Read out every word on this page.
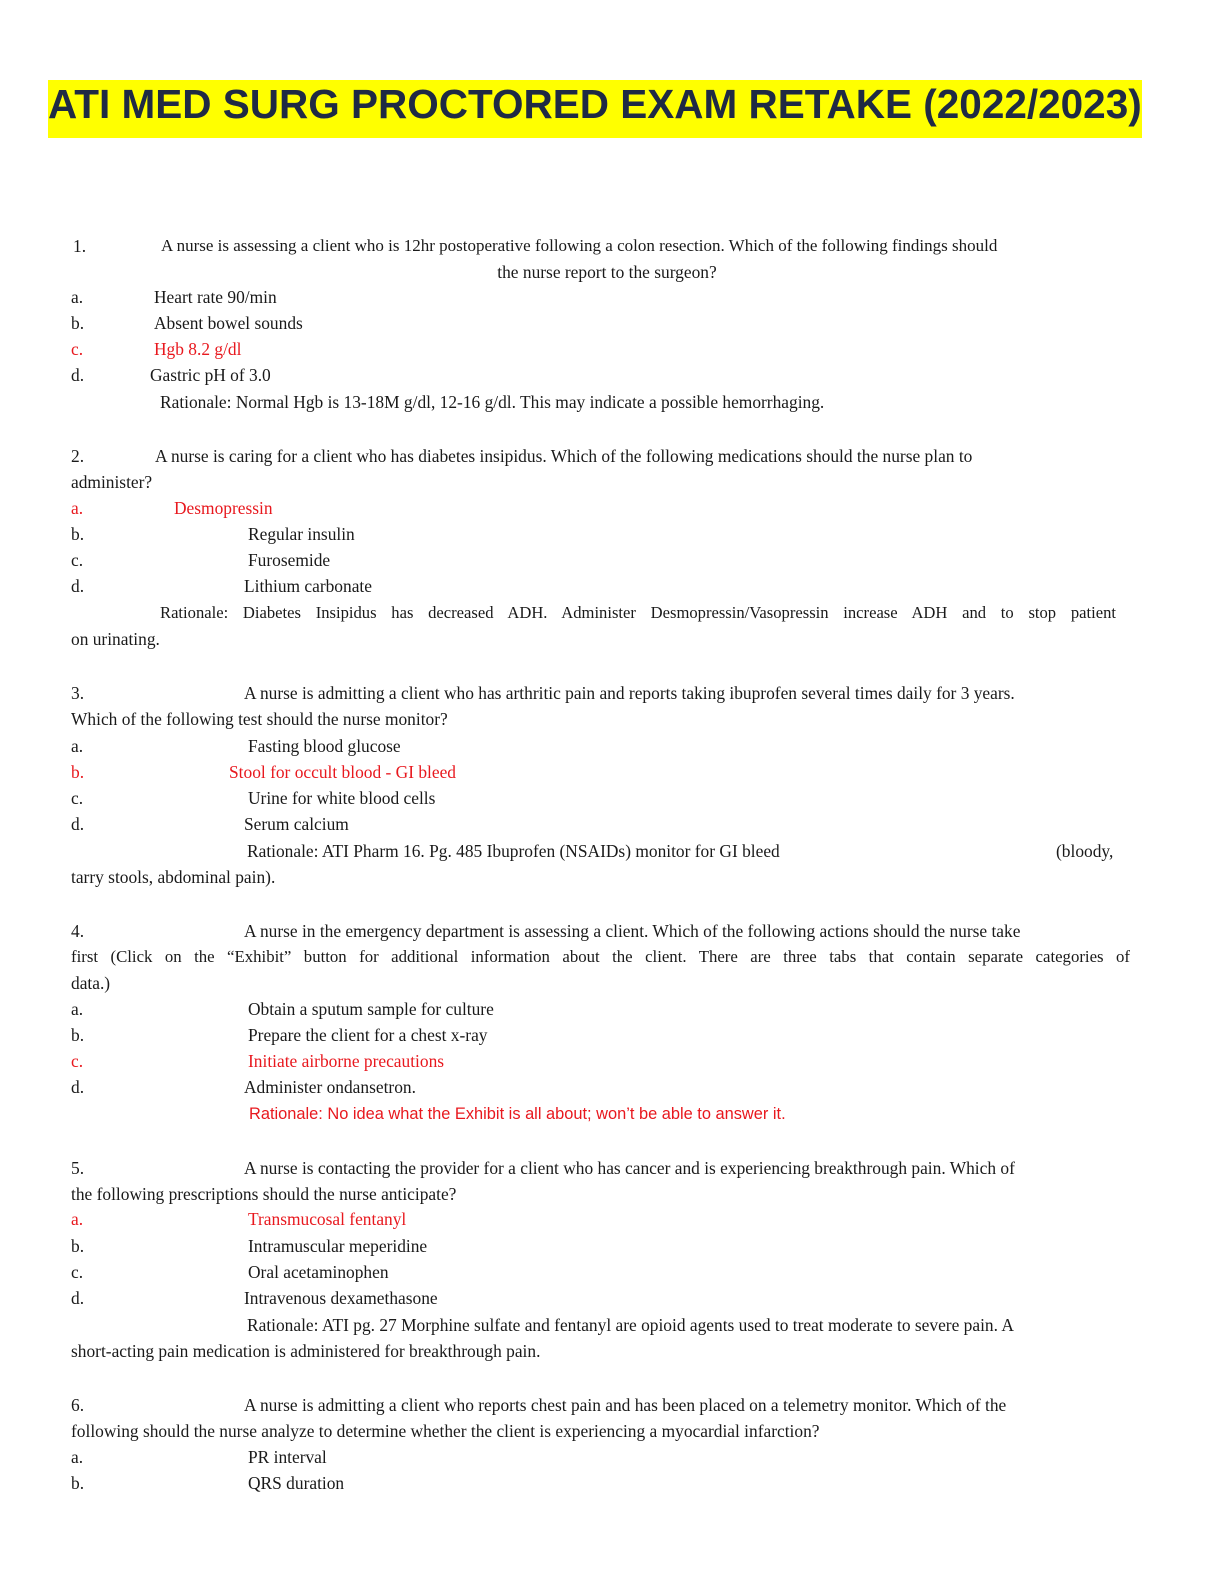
ATI MED SURG PROCTORED EXAM RETAKE (2022/2023)
1.	A nurse is assessing a client who is 12hr postoperative following a colon resection. Which of the following findings should
the nurse report to the surgeon?
a.	Heart rate 90/min
b.	Absent bowel sounds
c.	Hgb 8.2 g/dl
d.	Gastric pH of 3.0
Rationale: Normal Hgb is 13-18M g/dl, 12-16 g/dl. This may indicate a possible hemorrhaging.
2.	A nurse is caring for a client who has diabetes insipidus. Which of the following medications should the nurse plan to
administer?
a.	Desmopressin
b.	Regular insulin
c.	Furosemide
d.	Lithium carbonate
Rationale: Diabetes Insipidus has decreased ADH. Administer Desmopressin/Vasopressin increase ADH and to stop patient
on urinating.
3.	A nurse is admitting a client who has arthritic pain and reports taking ibuprofen several times daily for 3 years.
Which of the following test should the nurse monitor?
a.	Fasting blood glucose
b.	Stool for occult blood - GI bleed
c.	Urine for white blood cells
d.	Serum calcium
Rationale: ATI Pharm 16. Pg. 485 Ibuprofen (NSAIDs) monitor for GI bleed	(bloody,
tarry stools, abdominal pain).
4.	A nurse in the emergency department is assessing a client. Which of the following actions should the nurse take
first (Click on the “Exhibit” button for additional information about the client. There are three tabs that contain separate categories of
data.)
a.	Obtain a sputum sample for culture
b.	Prepare the client for a chest x-ray
c.	Initiate airborne precautions
d.	Administer ondansetron.
Rationale: No idea what the Exhibit is all about; won’t be able to answer it.
5.	A nurse is contacting the provider for a client who has cancer and is experiencing breakthrough pain. Which of
the following prescriptions should the nurse anticipate?
a.	Transmucosal fentanyl
b.	Intramuscular meperidine
c.	Oral acetaminophen
d.	Intravenous dexamethasone
Rationale: ATI pg. 27 Morphine sulfate and fentanyl are opioid agents used to treat moderate to severe pain. A
short-acting pain medication is administered for breakthrough pain.
6.	A nurse is admitting a client who reports chest pain and has been placed on a telemetry monitor. Which of the
following should the nurse analyze to determine whether the client is experiencing a myocardial infarction?
a.	PR interval
b.	QRS duration
